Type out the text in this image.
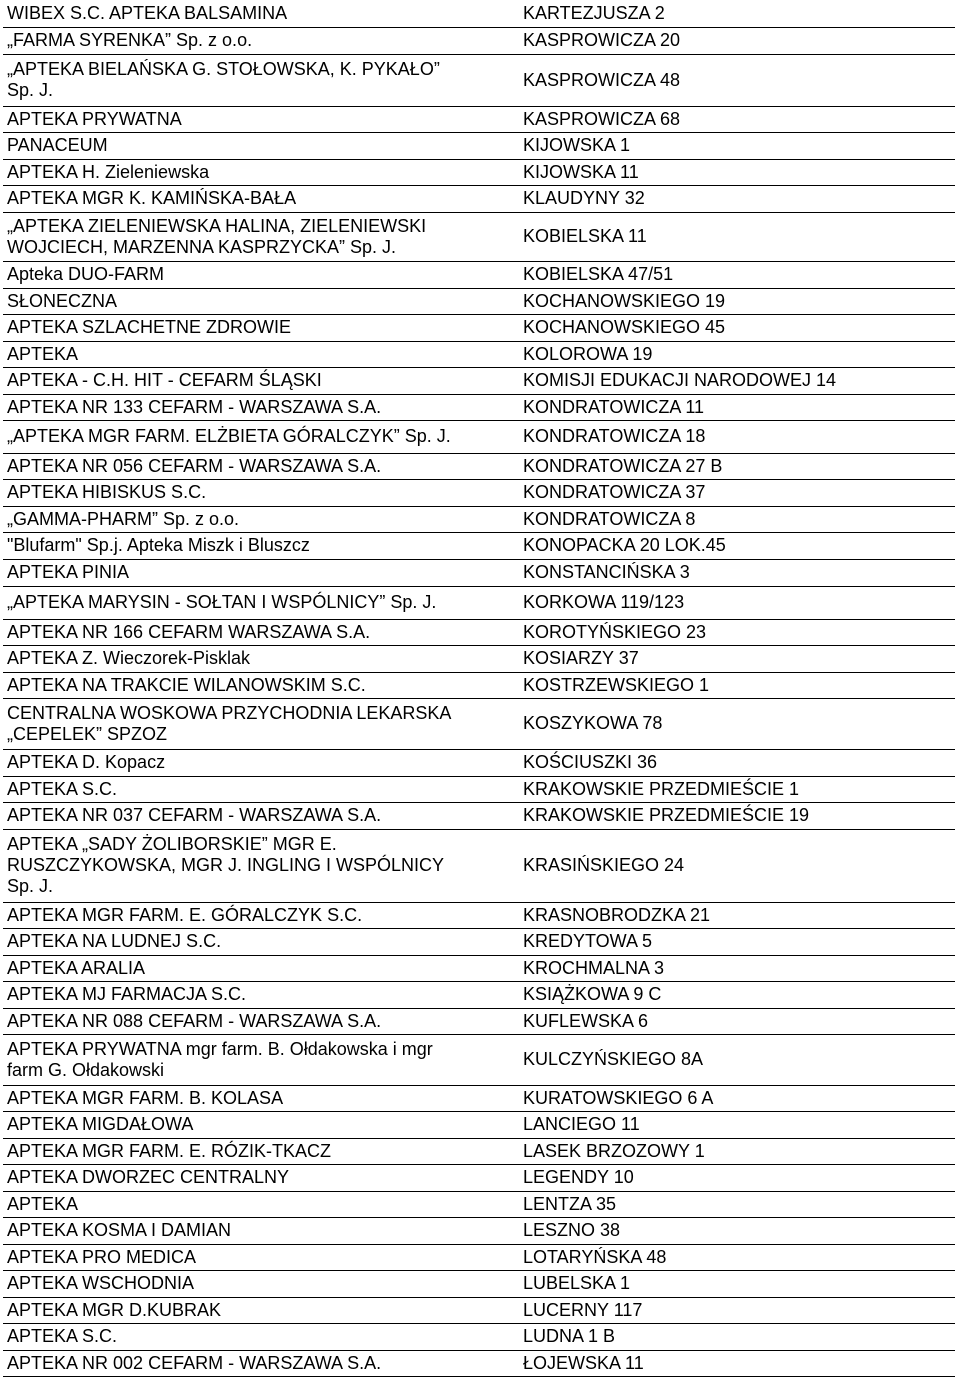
WIBEX S.C. APTEKA BALSAMINA	KARTEZJUSZA 2
„FARMA SYRENKA” Sp. z o.o.	KASPROWICZA 20
„APTEKA BIELAŃSKA G. STOŁOWSKA, K. PYKAŁO”
Sp. J.	KASPROWICZA 48
APTEKA PRYWATNA	KASPROWICZA 68
PANACEUM	KIJOWSKA 1
APTEKA H. Zieleniewska	KIJOWSKA 11
APTEKA MGR K. KAMIŃSKA-BAŁA	KLAUDYNY 32
„APTEKA ZIELENIEWSKA HALINA, ZIELENIEWSKI
WOJCIECH, MARZENNA KASPRZYCKA” Sp. J.	KOBIELSKA 11
Apteka DUO-FARM	KOBIELSKA 47/51
SŁONECZNA	KOCHANOWSKIEGO 19
APTEKA SZLACHETNE ZDROWIE	KOCHANOWSKIEGO 45
APTEKA	KOLOROWA 19
APTEKA - C.H. HIT - CEFARM ŚLĄSKI	KOMISJI EDUKACJI NARODOWEJ 14
APTEKA NR 133 CEFARM - WARSZAWA S.A.	KONDRATOWICZA 11
„APTEKA MGR FARM. ELŻBIETA GÓRALCZYK” Sp. J.	KONDRATOWICZA 18
APTEKA NR 056 CEFARM - WARSZAWA S.A.	KONDRATOWICZA 27 B
APTEKA HIBISKUS S.C.	KONDRATOWICZA 37
„GAMMA-PHARM” Sp. z o.o.	KONDRATOWICZA 8
"Blufarm" Sp.j. Apteka Miszk i Bluszcz	KONOPACKA 20 LOK.45
APTEKA PINIA	KONSTANCIŃSKA 3
„APTEKA MARYSIN - SOŁTAN I WSPÓLNICY” Sp. J.	KORKOWA 119/123
APTEKA NR 166 CEFARM WARSZAWA S.A.	KOROTYŃSKIEGO 23
APTEKA Z. Wieczorek-Pisklak	KOSIARZY 37
APTEKA NA TRAKCIE WILANOWSKIM S.C.	KOSTRZEWSKIEGO 1
CENTRALNA WOSKOWA PRZYCHODNIA LEKARSKA
„CEPELEK” SPZOZ	KOSZYKOWA 78
APTEKA D. Kopacz	KOŚCIUSZKI 36
APTEKA S.C.	KRAKOWSKIE PRZEDMIEŚCIE 1
APTEKA NR 037 CEFARM - WARSZAWA S.A.	KRAKOWSKIE PRZEDMIEŚCIE 19
APTEKA „SADY ŻOLIBORSKIE” MGR E.
RUSZCZYKOWSKA, MGR J. INGLING I WSPÓLNICY
Sp. J.	KRASIŃSKIEGO 24
APTEKA MGR FARM. E. GÓRALCZYK S.C.	KRASNOBRODZKA 21
APTEKA NA LUDNEJ S.C.	KREDYTOWA 5
APTEKA ARALIA	KROCHMALNA 3
APTEKA MJ FARMACJA S.C.	KSIĄŻKOWA 9 C
APTEKA NR 088 CEFARM - WARSZAWA S.A.	KUFLEWSKA 6
APTEKA PRYWATNA mgr farm. B. Ołdakowska i mgr
farm G. Ołdakowski	KULCZYŃSKIEGO 8A
APTEKA MGR FARM. B. KOLASA	KURATOWSKIEGO 6 A
APTEKA MIGDAŁOWA	LANCIEGO 11
APTEKA MGR FARM. E. RÓZIK-TKACZ	LASEK BRZOZOWY 1
APTEKA DWORZEC CENTRALNY	LEGENDY 10
APTEKA	LENTZA 35
APTEKA KOSMA I DAMIAN	LESZNO 38
APTEKA PRO MEDICA	LOTARYŃSKA 48
APTEKA WSCHODNIA	LUBELSKA 1
APTEKA MGR D.KUBRAK	LUCERNY 117
APTEKA S.C.	LUDNA 1 B
APTEKA NR 002 CEFARM - WARSZAWA S.A.	ŁOJEWSKA 11
